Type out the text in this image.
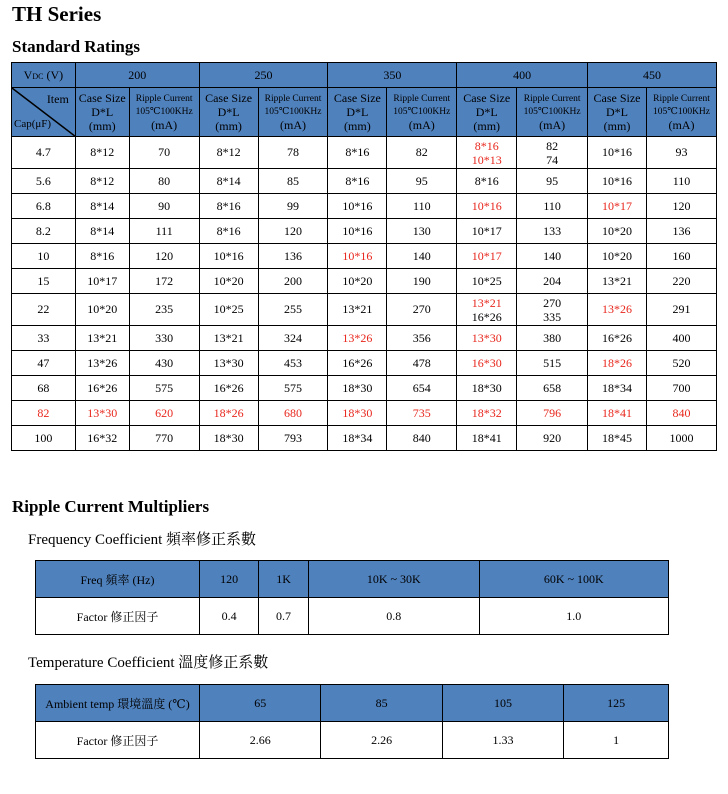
TH Series
Standard Ratings
VDC (V)	200		250		350		400		450	

Item
Cap(μF)	Case Size
D*L
(mm)	Ripple Current
105℃100KHz
(mA)	Case Size
D*L
(mm)	Ripple Current
105℃100KHz
(mA)	Case Size
D*L
(mm)	Ripple Current
105℃100KHz
(mA)	Case Size
D*L
(mm)	Ripple Current
105℃100KHz
(mA)	Case Size
D*L
(mm)	Ripple Current
105℃100KHz
(mA)

4.7	8*12	70	8*12	78	8*16	82	8*16
10*13	82
74	10*16	93
5.6	8*12	80	8*14	85	8*16	95	8*16	95	10*16	110
6.8	8*14	90	8*16	99	10*16	110	10*16	110	10*17	120
8.2	8*14	111	8*16	120	10*16	130	10*17	133	10*20	136
10	8*16	120	10*16	136	10*16	140	10*17	140	10*20	160
15	10*17	172	10*20	200	10*20	190	10*25	204	13*21	220
22	10*20	235	10*25	255	13*21	270	13*21
16*26	270
335	13*26	291
33	13*21	330	13*21	324	13*26	356	13*30	380	16*26	400
47	13*26	430	13*30	453	16*26	478	16*30	515	18*26	520
68	16*26	575	16*26	575	18*30	654	18*30	658	18*34	700
82	13*30	620	18*26	680	18*30	735	18*32	796	18*41	840
100	16*32	770	18*30	793	18*34	840	18*41	920	18*45	1000
Ripple Current Multipliers
Frequency Coefficient 頻率修正系數
Freq 頻率 (Hz)	120	1K	10K ~ 30K	60K ~ 100K
Factor 修正因子	0.4	0.7	0.8	1.0
Temperature Coefficient 溫度修正系數
Ambient temp 環境溫度 (℃)	65	85	105	125
Factor 修正因子	2.66	2.26	1.33	1
